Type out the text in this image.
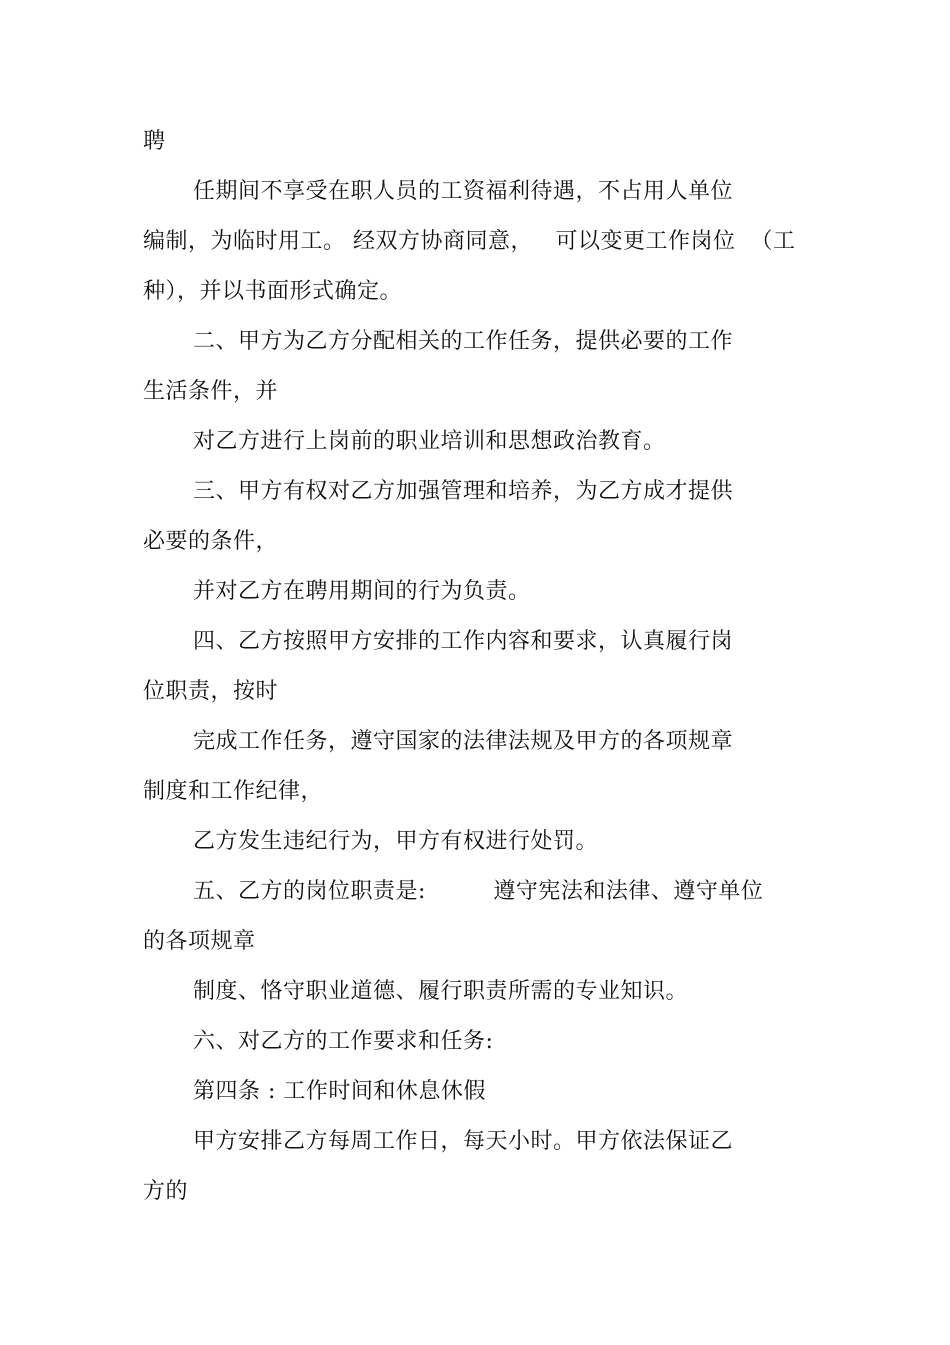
聘
任期间不享受在职人员的工资福利待遇，不占用人单位
编制，为临时用工。 经双方协商同意，   可以变更工作岗位  （工
种），并以书面形式确定。
二、甲方为乙方分配相关的工作任务，提供必要的工作
生活条件，并
对乙方进行上岗前的职业培训和思想政治教育。
三、甲方有权对乙方加强管理和培养，为乙方成才提供
必要的条件，
并对乙方在聘用期间的行为负责。
四、乙方按照甲方安排的工作内容和要求，认真履行岗
位职责，按时
完成工作任务，遵守国家的法律法规及甲方的各项规章
制度和工作纪律，
乙方发生违纪行为，甲方有权进行处罚。
五、乙方的岗位职责是:         遵守宪法和法律、遵守单位
的各项规章
制度、恪守职业道德、履行职责所需的专业知识。
六、对乙方的工作要求和任务:
第四条 : 工作时间和休息休假
甲方安排乙方每周工作日，每天小时。甲方依法保证乙
方的
